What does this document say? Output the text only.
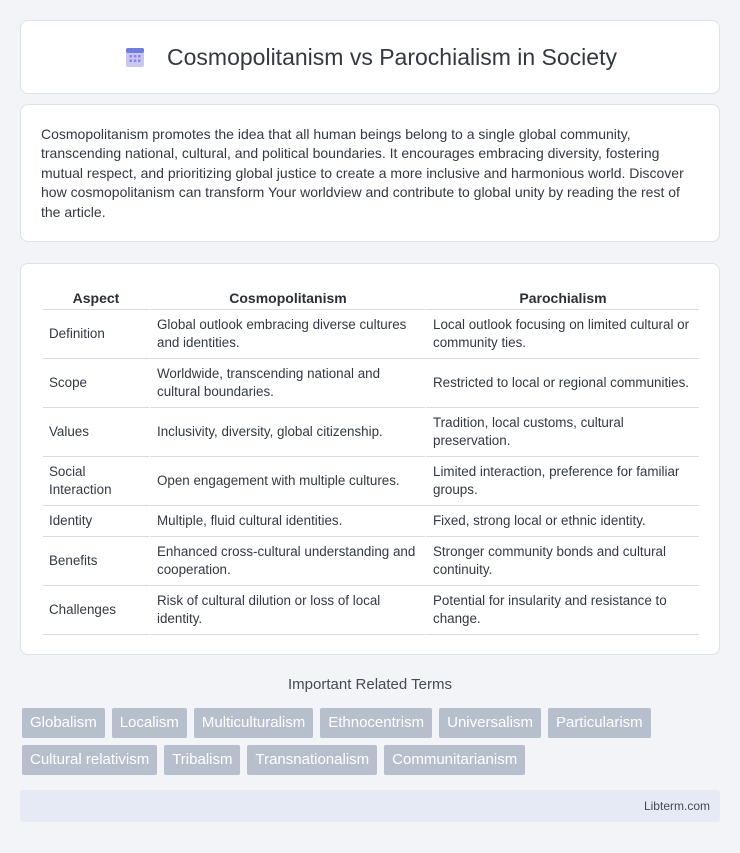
Cosmopolitanism vs Parochialism in Society

Cosmopolitanism promotes the idea that all human beings belong to a single global community, transcending national, cultural, and political boundaries. It encourages embracing diversity, fostering mutual respect, and prioritizing global justice to create a more inclusive and harmonious world. Discover how cosmopolitanism can transform Your worldview and contribute to global unity by reading the rest of the article.

Aspect	Cosmopolitanism	Parochialism
Definition	Global outlook embracing diverse cultures and identities.	Local outlook focusing on limited cultural or community ties.
Scope	Worldwide, transcending national and cultural boundaries.	Restricted to local or regional communities.
Values	Inclusivity, diversity, global citizenship.	Tradition, local customs, cultural preservation.
Social Interaction	Open engagement with multiple cultures.	Limited interaction, preference for familiar groups.
Identity	Multiple, fluid cultural identities.	Fixed, strong local or ethnic identity.
Benefits	Enhanced cross-cultural understanding and cooperation.	Stronger community bonds and cultural continuity.
Challenges	Risk of cultural dilution or loss of local identity.	Potential for insularity and resistance to change.
Important Related Terms
Globalism	Localism	Multiculturalism	Ethnocentrism	Universalism	Particularism
Cultural relativism	Tribalism	Transnationalism	Communitarianism
Libterm.com
